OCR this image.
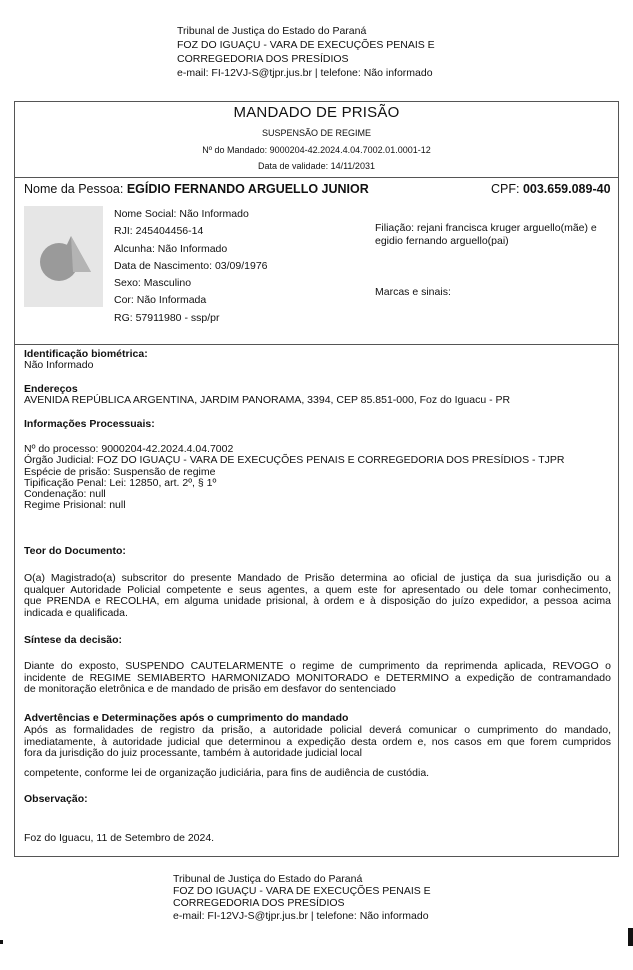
Tribunal de Justiça do Estado do Paraná
FOZ DO IGUAÇU - VARA DE EXECUÇÕES PENAIS E
CORREGEDORIA DOS PRESÍDIOS
e-mail: FI-12VJ-S@tjpr.jus.br | telefone: Não informado
MANDADO DE PRISÃO
SUSPENSÃO DE REGIME
Nº do Mandado: 9000204-42.2024.4.04.7002.01.0001-12
Data de validade: 14/11/2031
Nome da Pessoa: EGÍDIO FERNANDO ARGUELLO JUNIOR	CPF: 003.659.089-40
Nome Social: Não Informado
RJI: 245404456-14
Alcunha: Não Informado
Data de Nascimento: 03/09/1976
Sexo: Masculino
Cor: Não Informada
RG: 57911980 - ssp/pr
Filiação: rejani francisca kruger arguello(mãe) e
egidio fernando arguello(pai)
Marcas e sinais:
Identificação biométrica:
Não Informado
Endereços
AVENIDA REPÚBLICA ARGENTINA, JARDIM PANORAMA, 3394, CEP 85.851-000, Foz do Iguacu - PR
Informações Processuais:
Nº do processo: 9000204-42.2024.4.04.7002
Órgão Judicial: FOZ DO IGUAÇU - VARA DE EXECUÇÕES PENAIS E CORREGEDORIA DOS PRESÍDIOS - TJPR
Espécie de prisão: Suspensão de regime
Tipificação Penal: Lei: 12850, art. 2º, § 1º
Condenação: null
Regime Prisional: null
Teor do Documento:
O(a) Magistrado(a) subscritor do presente Mandado de Prisão determina ao oficial de justiça da sua jurisdição ou a
qualquer Autoridade Policial competente e seus agentes, a quem este for apresentado ou dele tomar conhecimento,
que PRENDA e RECOLHA, em alguma unidade prisional, à ordem e à disposição do juízo expedidor, a pessoa acima
indicada e qualificada.
Síntese da decisão:
Diante do exposto, SUSPENDO CAUTELARMENTE o regime de cumprimento da reprimenda aplicada, REVOGO o
incidente de REGIME SEMIABERTO HARMONIZADO MONITORADO e DETERMINO a expedição de contramandado
de monitoração eletrônica e de mandado de prisão em desfavor do sentenciado
Advertências e Determinações após o cumprimento do mandado
Após as formalidades de registro da prisão, a autoridade policial deverá comunicar o cumprimento do mandado,
imediatamente, à autoridade judicial que determinou a expedição desta ordem e, nos casos em que forem cumpridos
fora da jurisdição do juiz processante, também à autoridade judicial local
competente, conforme lei de organização judiciária, para fins de audiência de custódia.
Observação:
Foz do Iguacu, 11 de Setembro de 2024.
Tribunal de Justiça do Estado do Paraná
FOZ DO IGUAÇU - VARA DE EXECUÇÕES PENAIS E
CORREGEDORIA DOS PRESÍDIOS
e-mail: FI-12VJ-S@tjpr.jus.br | telefone: Não informado
